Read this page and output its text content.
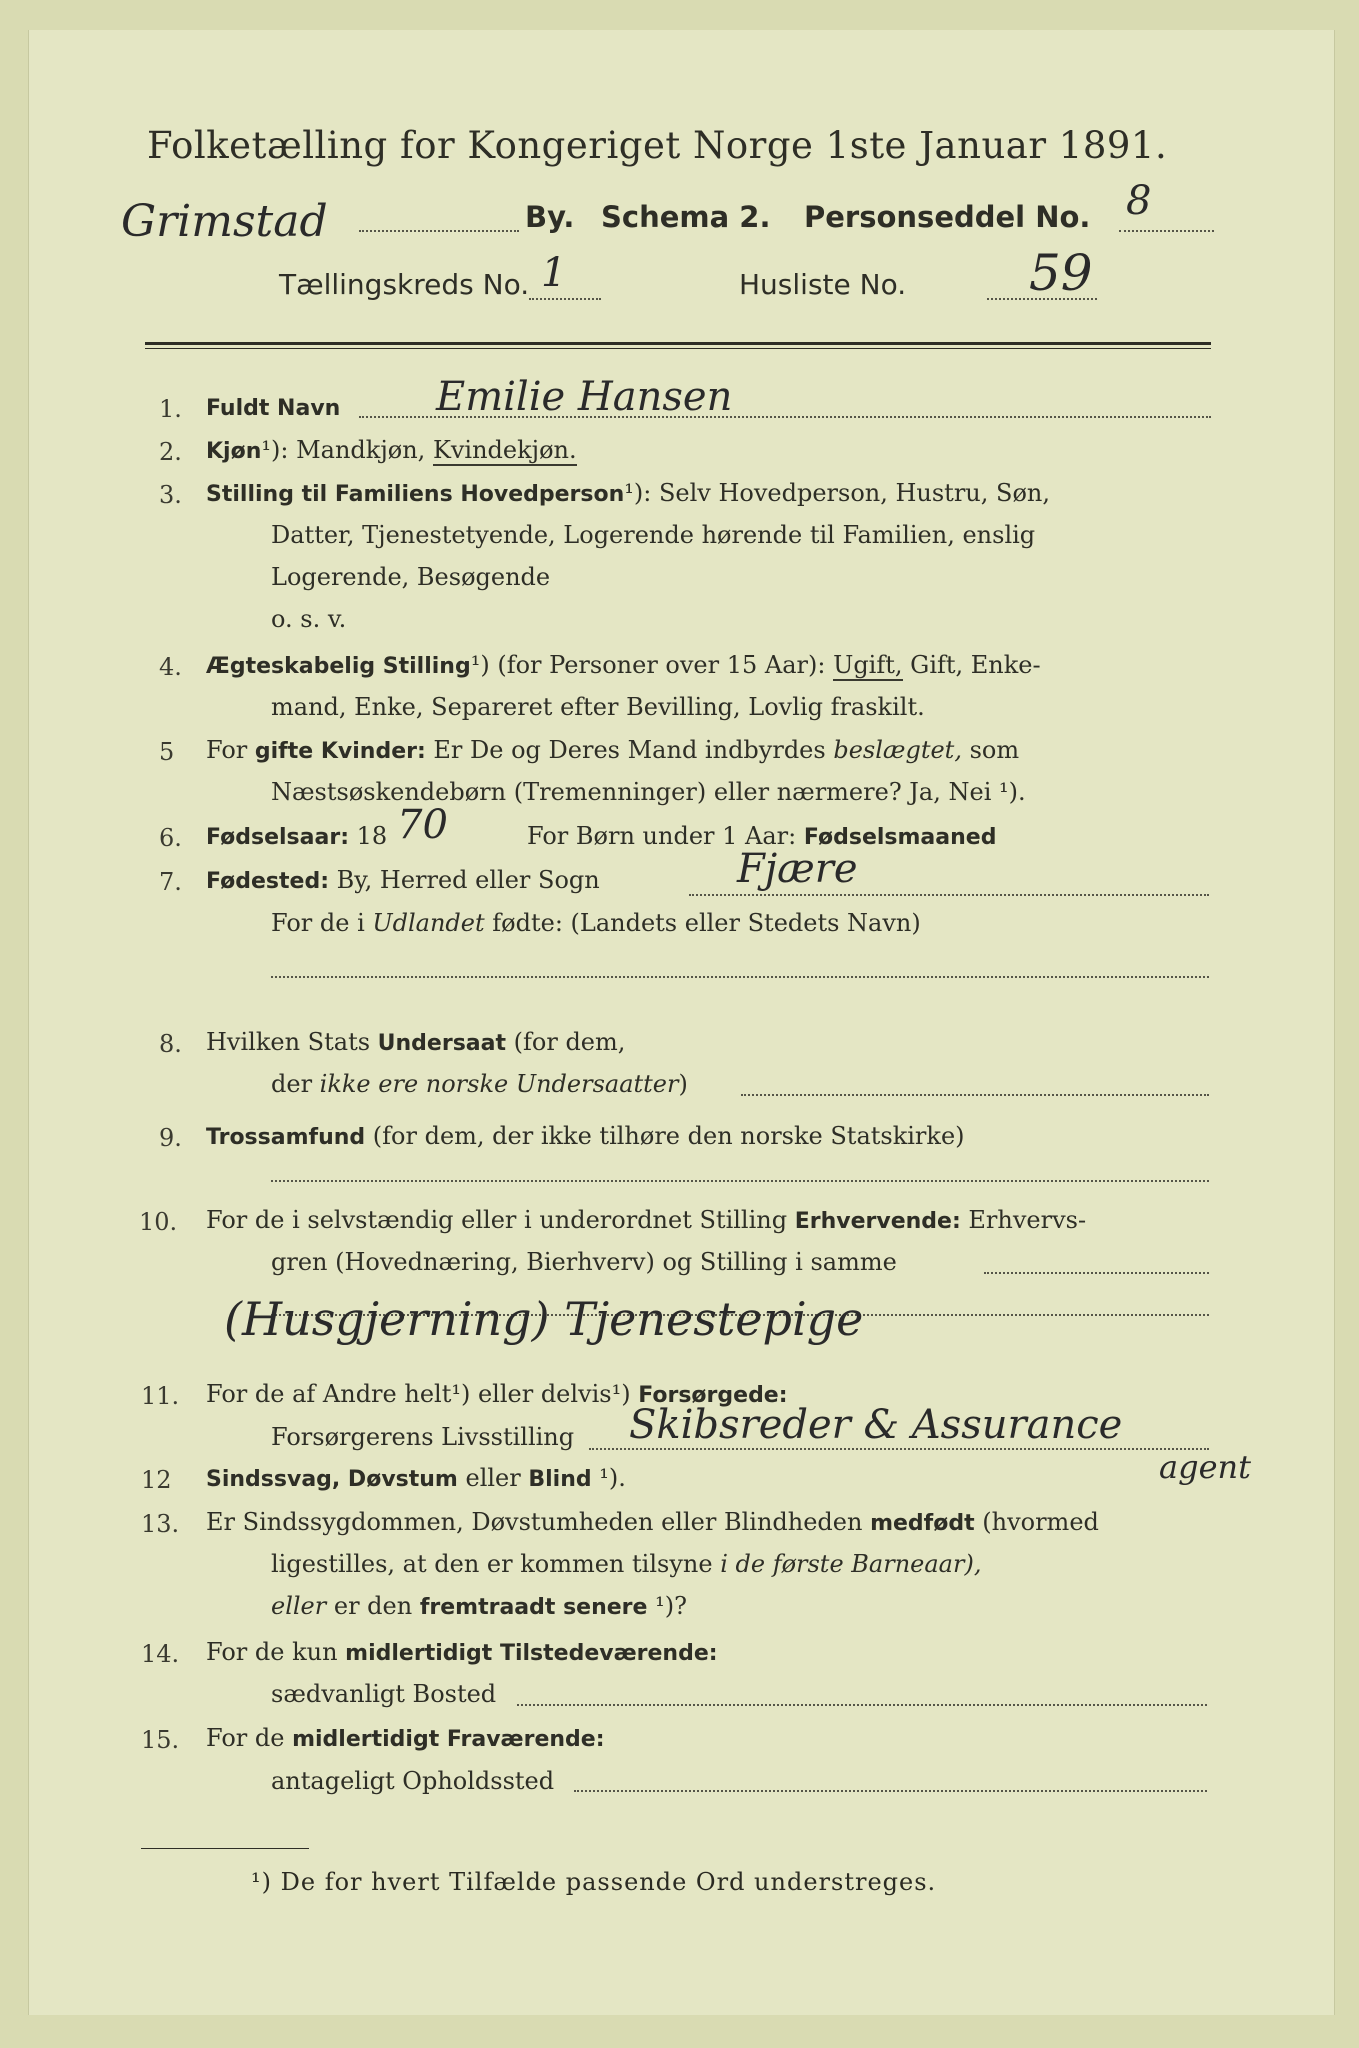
Folketælling for Kongeriget Norge 1ste Januar 1891.
Grimstad	By. Schema 2. Personseddel No. 8
Tællingskreds No. 1	Husliste No. 59
1. Fuldt Navn Emilie Hansen
2. Kjøn¹): Mandkjøn, Kvindekjøn.
3. Stilling til Familiens Hovedperson¹): Selv Hovedperson, Hustru, Søn,
Datter, Tjenestetyende, Logerende hørende til Familien, enslig
Logerende, Besøgende
o. s. v.
4. Ægteskabelig Stilling¹) (for Personer over 15 Aar): Ugift, Gift, Enke-
mand, Enke, Separeret efter Bevilling, Lovlig fraskilt.
5 For gifte Kvinder: Er De og Deres Mand indbyrdes beslægtet, som
Næstsøskendebørn (Tremenninger) eller nærmere? Ja, Nei ¹).
6. Fødselsaar: 18 70	For Børn under 1 Aar: Fødselsmaaned
7. Fødested: By, Herred eller Sogn	Fjære
For de i Udlandet fødte: (Landets eller Stedets Navn)
8. Hvilken Stats Undersaat (for dem,
der ikke ere norske Undersaatter)
9. Trossamfund (for dem, der ikke tilhøre den norske Statskirke)
10. For de i selvstændig eller i underordnet Stilling Erhvervende: Erhvervs-
gren (Hovednæring, Bierhverv) og Stilling i samme
(Husgjerning) Tjenestepige
11. For de af Andre helt¹) eller delvis¹) Forsørgede:
Forsørgerens Livsstilling Skibsreder & Assurance
agent
12 Sindssvag, Døvstum eller Blind ¹).
13. Er Sindssygdommen, Døvstumheden eller Blindheden medfødt (hvormed
ligestilles, at den er kommen tilsyne i de første Barneaar),
eller er den fremtraadt senere ¹)?
14. For de kun midlertidigt Tilstedeværende:
sædvanligt Bosted
15. For de midlertidigt Fraværende:
antageligt Opholdssted
¹) De for hvert Tilfælde passende Ord understreges.
